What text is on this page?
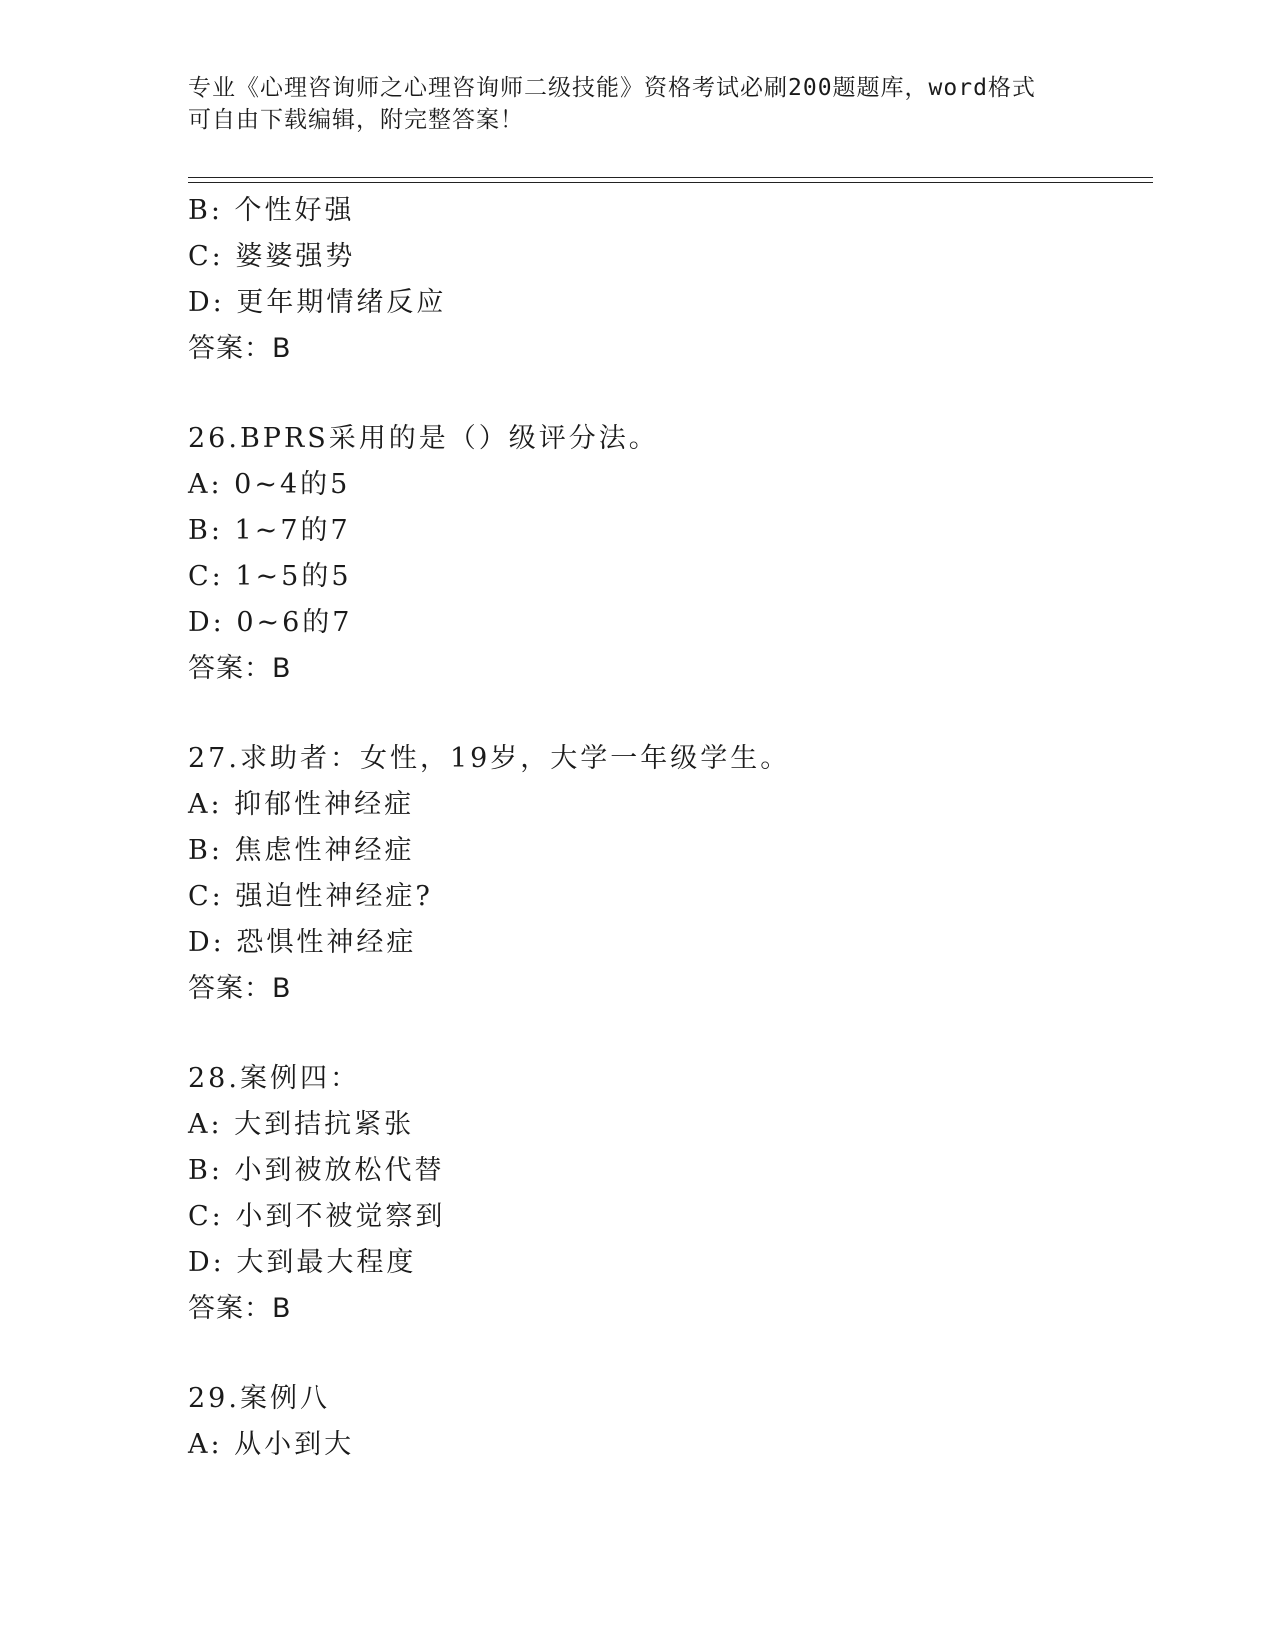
专业《心理咨询师之心理咨询师二级技能》资格考试必刷200题题库，word格式
可自由下载编辑，附完整答案！
B: 个性好强
C: 婆婆强势
D: 更年期情绪反应
答案：B
26.BPRS采用的是（）级评分法。
A: 0~4的5
B: 1~7的7
C: 1~5的5
D: 0~6的7
答案：B
27.求助者：女性，19岁，大学一年级学生。
A: 抑郁性神经症
B: 焦虑性神经症
C: 强迫性神经症?
D: 恐惧性神经症
答案：B
28.案例四：
A: 大到拮抗紧张
B: 小到被放松代替
C: 小到不被觉察到
D: 大到最大程度
答案：B
29.案例八
A: 从小到大
